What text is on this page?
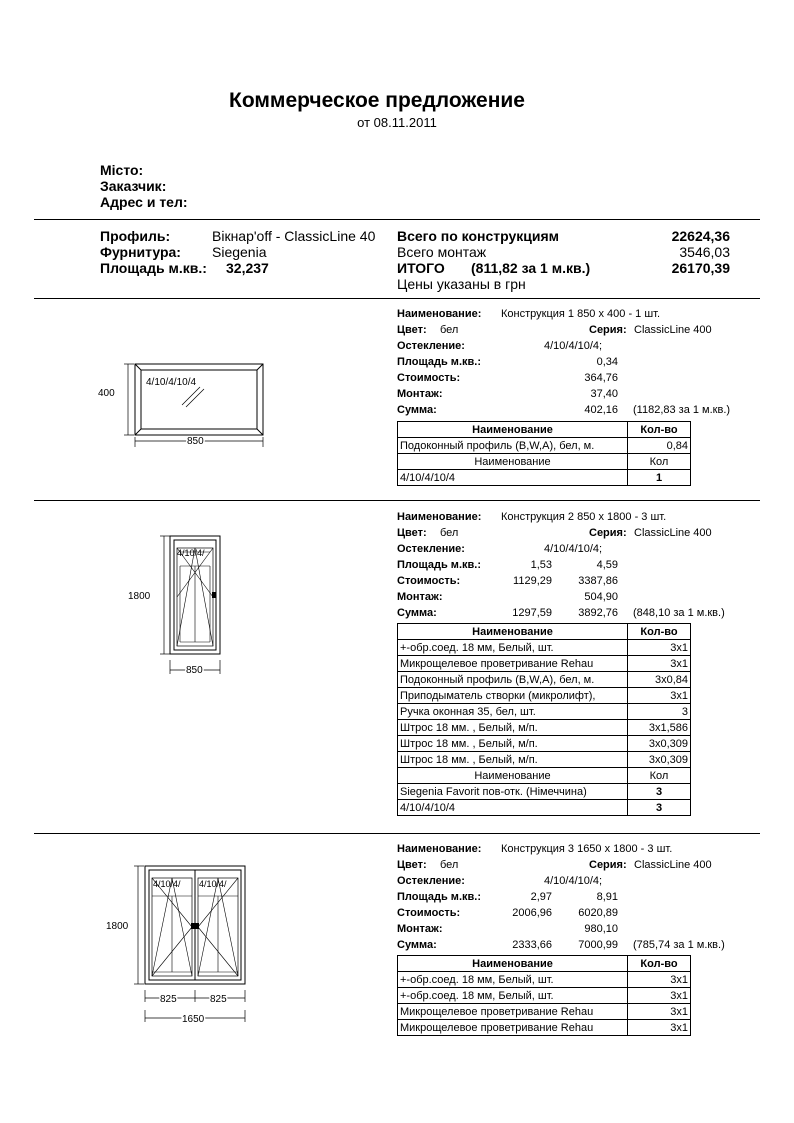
Коммерческое предложение
от 08.11.2011
Місто:
Заказчик:
Адрес и тел:
Профиль:	Вікнар'off - ClassicLine 40
Фурнитура: Siegenia
Площадь м.кв.: 32,237
Всего по конструкциям	22624,36
Всего монтаж	3546,03
ИТОГО (811,82 за 1 м.кв.)	26170,39
Цены указаны в грн
Наименование: Конструкция 1 850 х 400 - 1 шт.
Цвет: бел	Серия: ClassicLine 400
Остекление:	4/10/4/10/4;
Площадь м.кв.:	0,34
Стоимость:	364,76
Монтаж:	37,40
Сумма:	402,16 (1182,83 за 1 м.кв.)
Наименование	Кол-во
Подоконный профиль (B,W,A), бел, м.	0,84
Наименование	Кол
4/10/4/10/4	1
4/10/4/10/4
400
850
Наименование: Конструкция 2 850 х 1800 - 3 шт.
Цвет: бел	Серия: ClassicLine 400
Остекление:	4/10/4/10/4;
Площадь м.кв.:	1,53	4,59
Стоимость:	1129,29	3387,86
Монтаж:	504,90
Сумма:	1297,59	3892,76 (848,10 за 1 м.кв.)
Наименование	Кол-во
+-обр.соед. 18 мм, Белый, шт.	3x1
Микрощелевое проветривание Rehau	3x1
Подоконный профиль (B,W,A), бел, м.	3x0,84
Приподыматель створки (микролифт),	3x1
Ручка оконная 35, бел, шт.	3
Штрос 18 мм. , Белый, м/п.	3x1,586
Штрос 18 мм. , Белый, м/п.	3x0,309
Штрос 18 мм. , Белый, м/п.	3x0,309
Наименование	Кол
Siegenia Favorit пов-отк. (Німеччина)	3
4/10/4/10/4	3
4/10/4/
1800
850
Наименование: Конструкция 3 1650 х 1800 - 3 шт.
Цвет: бел	Серия: ClassicLine 400
Остекление:	4/10/4/10/4;
Площадь м.кв.:	2,97	8,91
Стоимость:	2006,96	6020,89
Монтаж:	980,10
Сумма:	2333,66	7000,99 (785,74 за 1 м.кв.)
Наименование	Кол-во
+-обр.соед. 18 мм, Белый, шт.	3x1
+-обр.соед. 18 мм, Белый, шт.	3x1
Микрощелевое проветривание Rehau	3x1
Микрощелевое проветривание Rehau	3x1
4/10/4/ 4/10/4/
1800
825	825
1650
